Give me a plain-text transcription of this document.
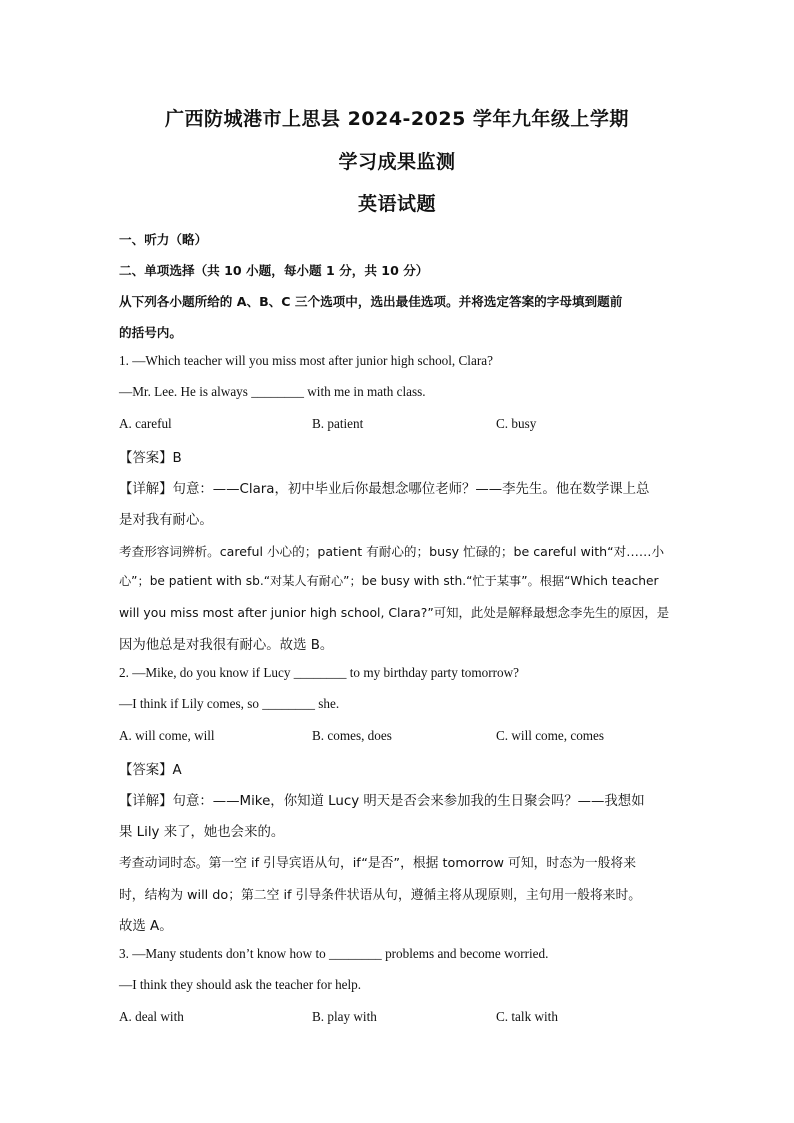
广西防城港市上思县 2024-2025 学年九年级上学期
学习成果监测
英语试题
一、听力（略）
二、单项选择（共 10 小题，每小题 1 分，共 10 分）
从下列各小题所给的 A、B、C 三个选项中，选出最佳选项。并将选定答案的字母填到题前
的括号内。
1. —Which teacher will you miss most after junior high school, Clara?
—Mr. Lee. He is always ________ with me in math class.
A. careful	B. patient	C. busy
【答案】B
【详解】句意：——Clara，初中毕业后你最想念哪位老师？——李先生。他在数学课上总
是对我有耐心。
考查形容词辨析。careful 小心的；patient 有耐心的；busy 忙碌的；be careful with“对……小
心”；be patient with sb.“对某人有耐心”；be busy with sth.“忙于某事”。根据“Which teacher
will you miss most after junior high school, Clara?”可知，此处是解释最想念李先生的原因，是
因为他总是对我很有耐心。故选 B。
2. —Mike, do you know if Lucy ________ to my birthday party tomorrow?
—I think if Lily comes, so ________ she.
A. will come, will	B. comes, does	C. will come, comes
【答案】A
【详解】句意：——Mike，你知道 Lucy 明天是否会来参加我的生日聚会吗？——我想如
果 Lily 来了，她也会来的。
考查动词时态。第一空 if 引导宾语从句，if“是否”，根据 tomorrow 可知，时态为一般将来
时，结构为 will do；第二空 if 引导条件状语从句，遵循主将从现原则，主句用一般将来时。
故选 A。
3. —Many students don’t know how to ________ problems and become worried.
—I think they should ask the teacher for help.
A. deal with	B. play with	C. talk with
